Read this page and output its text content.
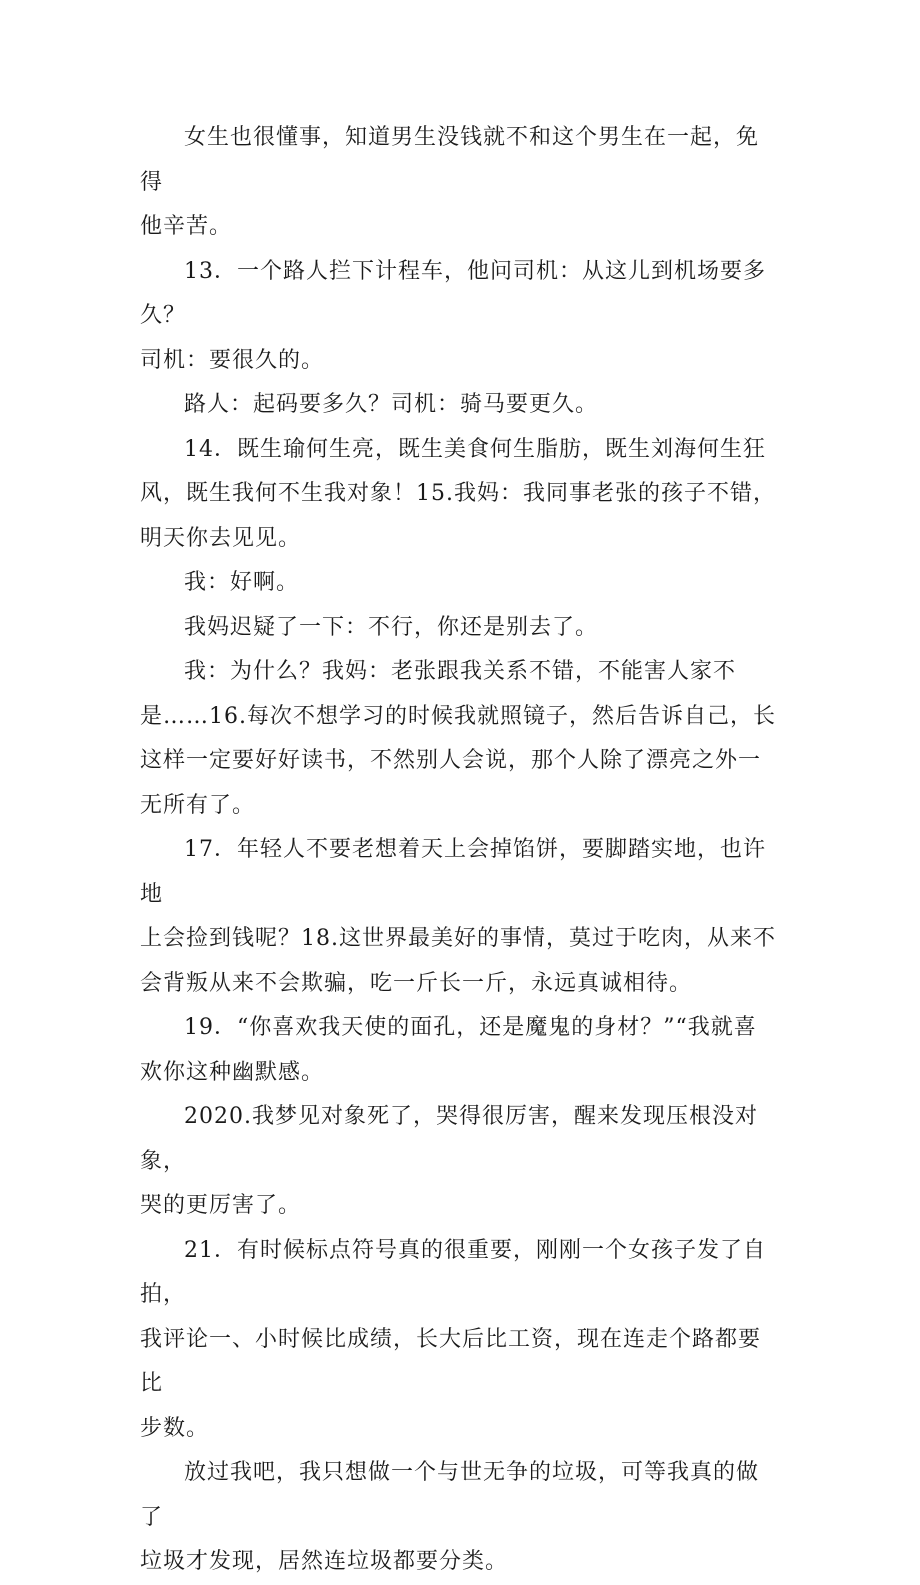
女生也很懂事，知道男生没钱就不和这个男生在一起，免得
他辛苦。

13．一个路人拦下计程车，他问司机：从这儿到机场要多久？
司机：要很久的。

路人：起码要多久？司机：骑马要更久。

14．既生瑜何生亮，既生美食何生脂肪，既生刘海何生狂
风，既生我何不生我对象！15.我妈：我同事老张的孩子不错，
明天你去见见。

我：好啊。

我妈迟疑了一下：不行，你还是别去了。

我：为什么？我妈：老张跟我关系不错，不能害人家不
是……16.每次不想学习的时候我就照镜子，然后告诉自己，长
这样一定要好好读书，不然别人会说，那个人除了漂亮之外一
无所有了。

17．年轻人不要老想着天上会掉馅饼，要脚踏实地，也许地
上会捡到钱呢？18.这世界最美好的事情，莫过于吃肉，从来不
会背叛从来不会欺骗，吃一斤长一斤，永远真诚相待。

19．“你喜欢我天使的面孔，还是魔鬼的身材？”“我就喜
欢你这种幽默感。

2020.我梦见对象死了，哭得很厉害，醒来发现压根没对象，
哭的更厉害了。

21．有时候标点符号真的很重要，刚刚一个女孩子发了自拍，
我评论一、小时候比成绩，长大后比工资，现在连走个路都要比
步数。

放过我吧，我只想做一个与世无争的垃圾，可等我真的做了
垃圾才发现，居然连垃圾都要分类。
